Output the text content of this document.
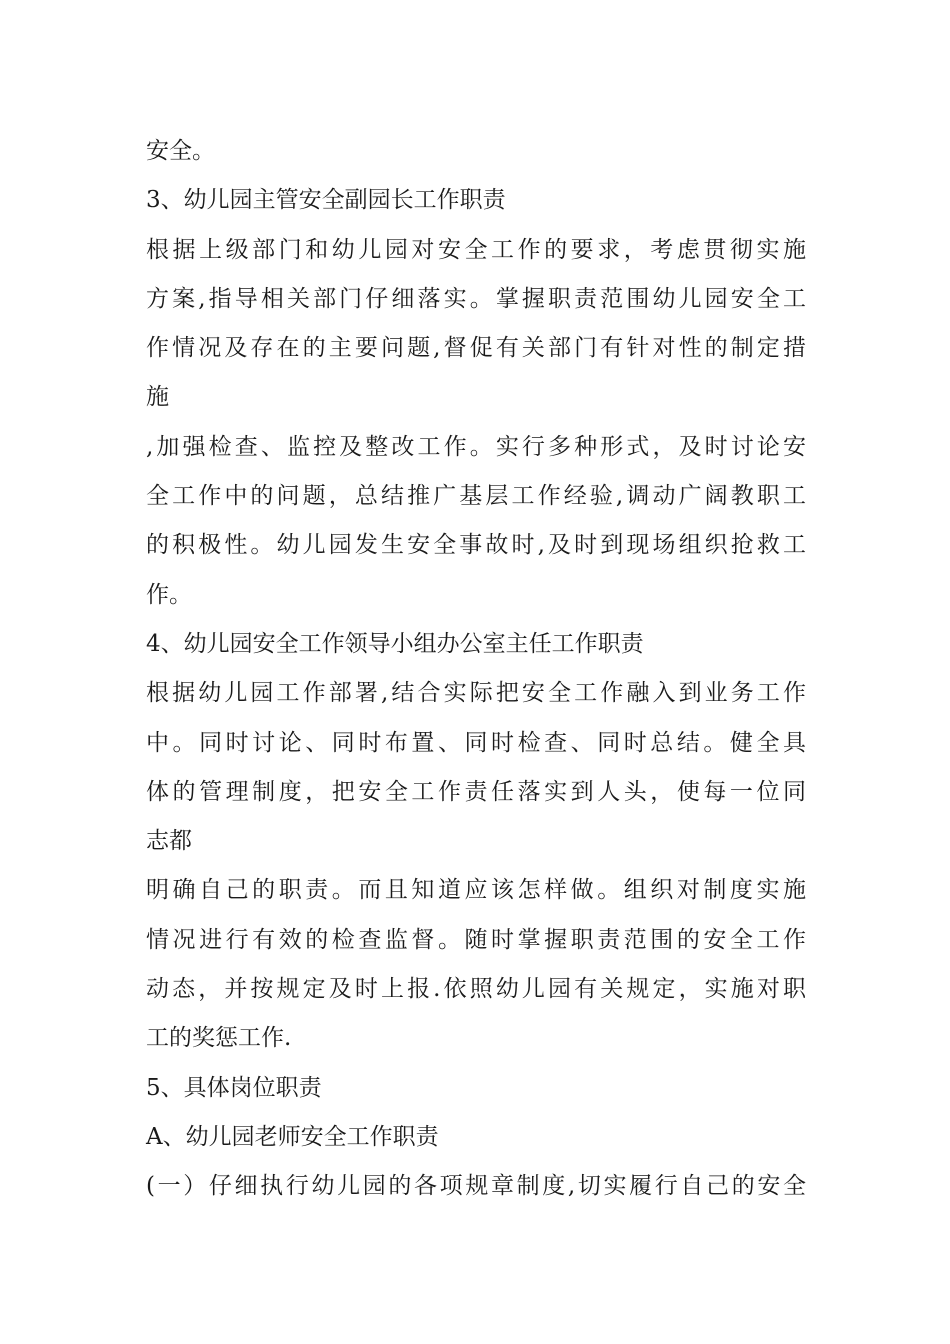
安全。
3、幼儿园主管安全副园长工作职责
根据上级部门和幼儿园对安全工作的要求，考虑贯彻实施
方案,指导相关部门仔细落实。掌握职责范围幼儿园安全工
作情况及存在的主要问题,督促有关部门有针对性的制定措
施
,加强检查、监控及整改工作。实行多种形式，及时讨论安
全工作中的问题，总结推广基层工作经验,调动广阔教职工
的积极性。幼儿园发生安全事故时,及时到现场组织抢救工
作。
4、幼儿园安全工作领导小组办公室主任工作职责
根据幼儿园工作部署,结合实际把安全工作融入到业务工作
中。同时讨论、同时布置、同时检查、同时总结。健全具
体的管理制度，把安全工作责任落实到人头，使每一位同
志都
明确自己的职责。而且知道应该怎样做。组织对制度实施
情况进行有效的检查监督。随时掌握职责范围的安全工作
动态，并按规定及时上报.依照幼儿园有关规定，实施对职
工的奖惩工作.
5、具体岗位职责
A、幼儿园老师安全工作职责
(一）仔细执行幼儿园的各项规章制度,切实履行自己的安全
